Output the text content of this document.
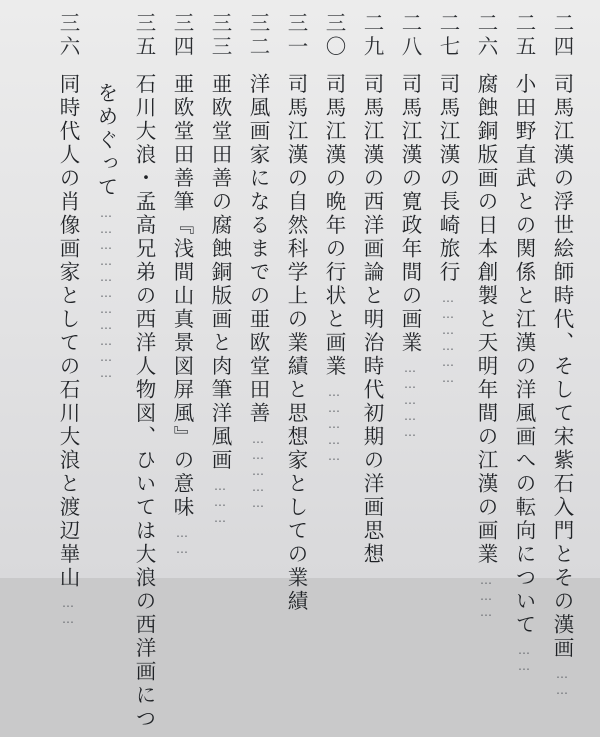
二四司馬江漢の浮世絵師時代、そして宋紫石入門とその漢画……
二五小田野直武との関係と江漢の洋風画への転向について……
二六腐蝕銅版画の日本創製と天明年間の江漢の画業………
二七司馬江漢の長崎旅行………………
二八司馬江漢の寛政年間の画業……………
二九司馬江漢の西洋画論と明治時代初期の洋画思想
三〇司馬江漢の晩年の行状と画業……………
三一司馬江漢の自然科学上の業績と思想家としての業績
三二洋風画家になるまでの亜欧堂田善……………
三三亜欧堂田善の腐蝕銅版画と肉筆洋風画………
三四亜欧堂田善筆『浅間山真景図屏風』の意味……
三五石川大浪・孟高兄弟の西洋人物図、ひいては大浪の西洋画につ
をめぐって……………………………
三六同時代人の肖像画家としての石川大浪と渡辺崋山……
